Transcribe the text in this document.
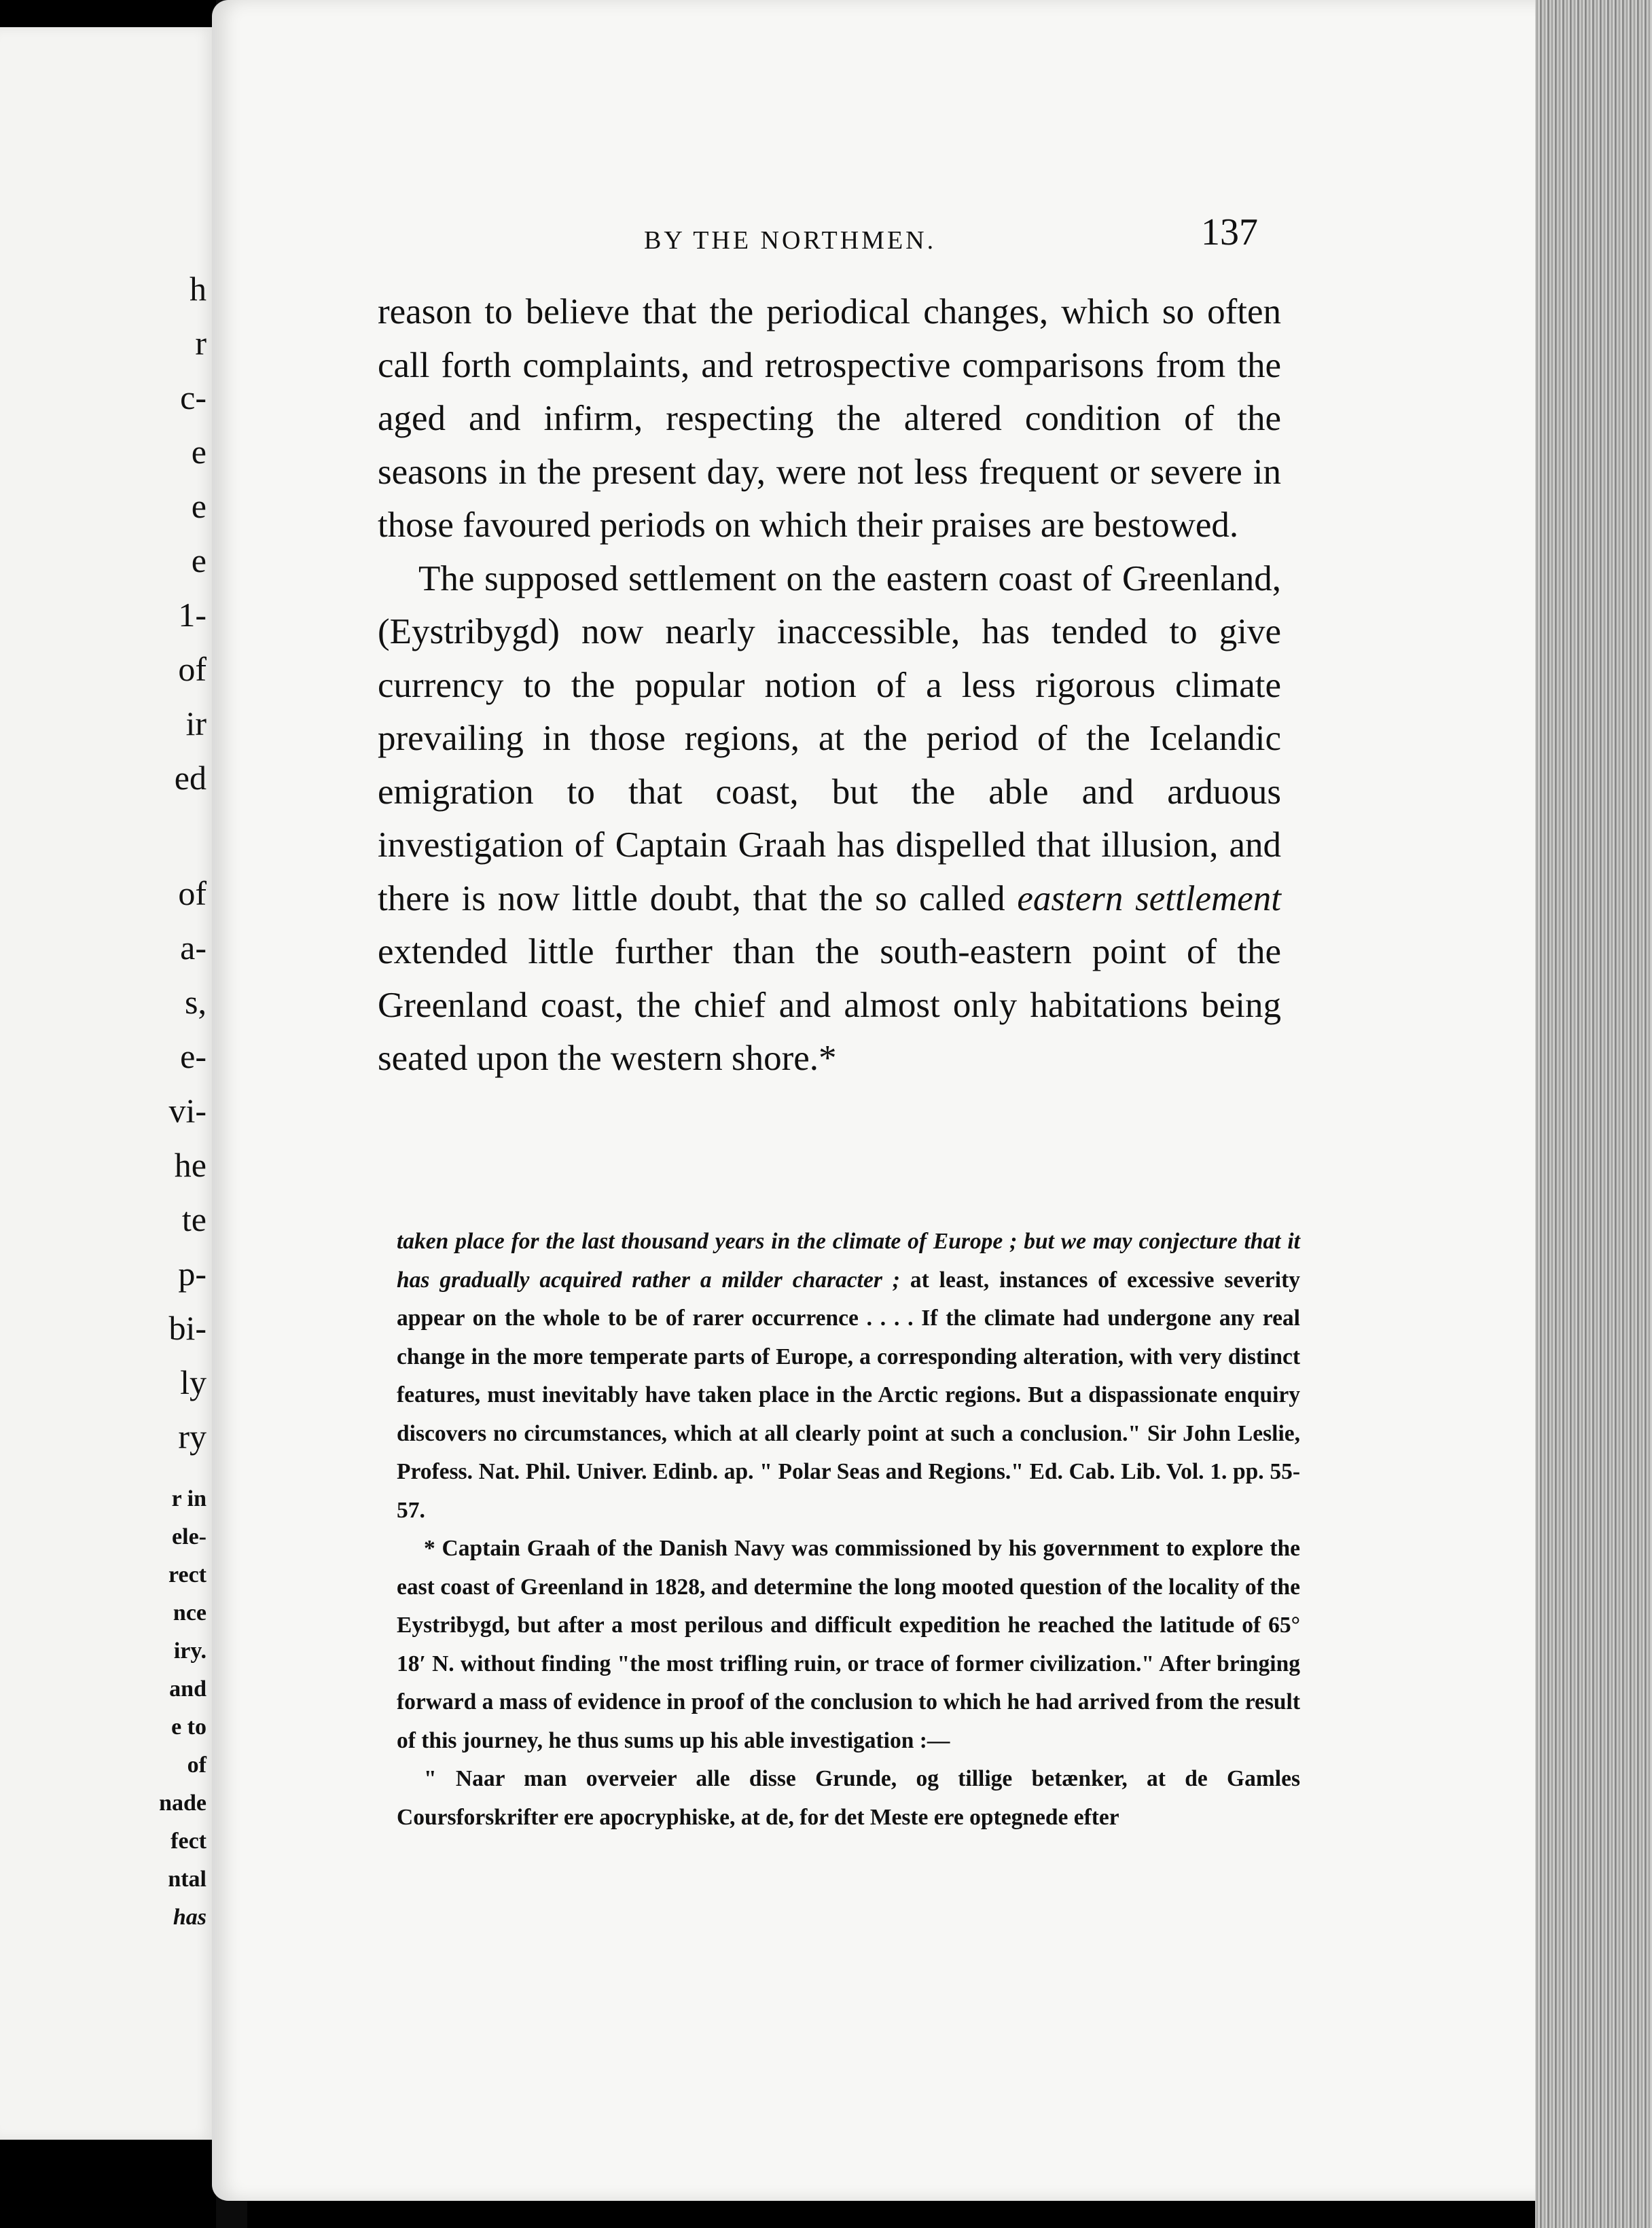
h
r
c-
e
e
e
1-
of
ir
ed
of
a-
s,
e-
vi-
he
te
p-
bi-
ly
ry
r in
ele-
rect
nce
iry.
and
e to
of
nade
fect
ntal
has
BY THE NORTHMEN.	137

reason to believe that the periodical changes, which so often call forth complaints, and retrospective comparisons from the aged and infirm, respecting the altered condition of the seasons in the present day, were not less frequent or severe in those favoured periods on which their praises are bestowed.

The supposed settlement on the eastern coast of Greenland, (Eystribygd) now nearly inaccessible, has tended to give currency to the popular notion of a less rigorous climate prevailing in those regions, at the period of the Icelandic emigration to that coast, but the able and arduous investigation of Captain Graah has dispelled that illusion, and there is now little doubt, that the so called eastern settlement extended little further than the south-eastern point of the Greenland coast, the chief and almost only habitations being seated upon the western shore.*

taken place for the last thousand years in the climate of Europe ; but we may conjecture that it has gradually acquired rather a milder character ; at least, instances of excessive severity appear on the whole to be of rarer occurrence . . . . If the climate had undergone any real change in the more temperate parts of Europe, a corresponding alteration, with very distinct features, must inevitably have taken place in the Arctic regions. But a dispassionate enquiry discovers no circumstances, which at all clearly point at such a conclusion." Sir John Leslie, Profess. Nat. Phil. Univer. Edinb. ap. " Polar Seas and Regions." Ed. Cab. Lib. Vol. 1. pp. 55-57.

* Captain Graah of the Danish Navy was commissioned by his government to explore the east coast of Greenland in 1828, and determine the long mooted question of the locality of the Eystribygd, but after a most perilous and difficult expedition he reached the latitude of 65° 18′ N. without finding "the most trifling ruin, or trace of former civilization." After bringing forward a mass of evidence in proof of the conclusion to which he had arrived from the result of this journey, he thus sums up his able investigation :—

" Naar man overveier alle disse Grunde, og tillige betænker, at de Gamles Coursforskrifter ere apocryphiske, at de, for det Meste ere optegnede efter
